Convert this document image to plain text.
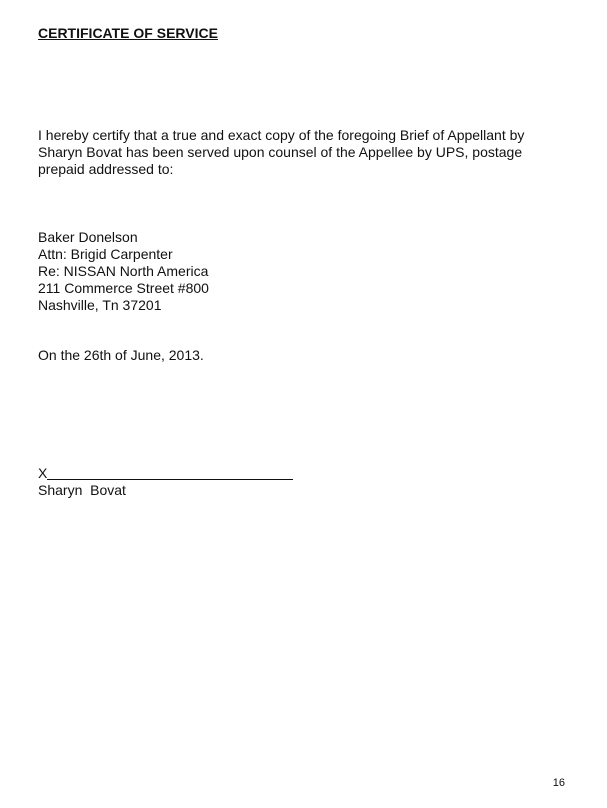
CERTIFICATE OF SERVICE
I hereby certify that a true and exact copy of the foregoing Brief of Appellant by
Sharyn Bovat has been served upon counsel of the Appellee by UPS, postage
prepaid addressed to:
Baker Donelson
Attn: Brigid Carpenter
Re: NISSAN North America
211 Commerce Street #800
Nashville, Tn 37201
On the 26th of June, 2013.
X
Sharyn  Bovat
16
